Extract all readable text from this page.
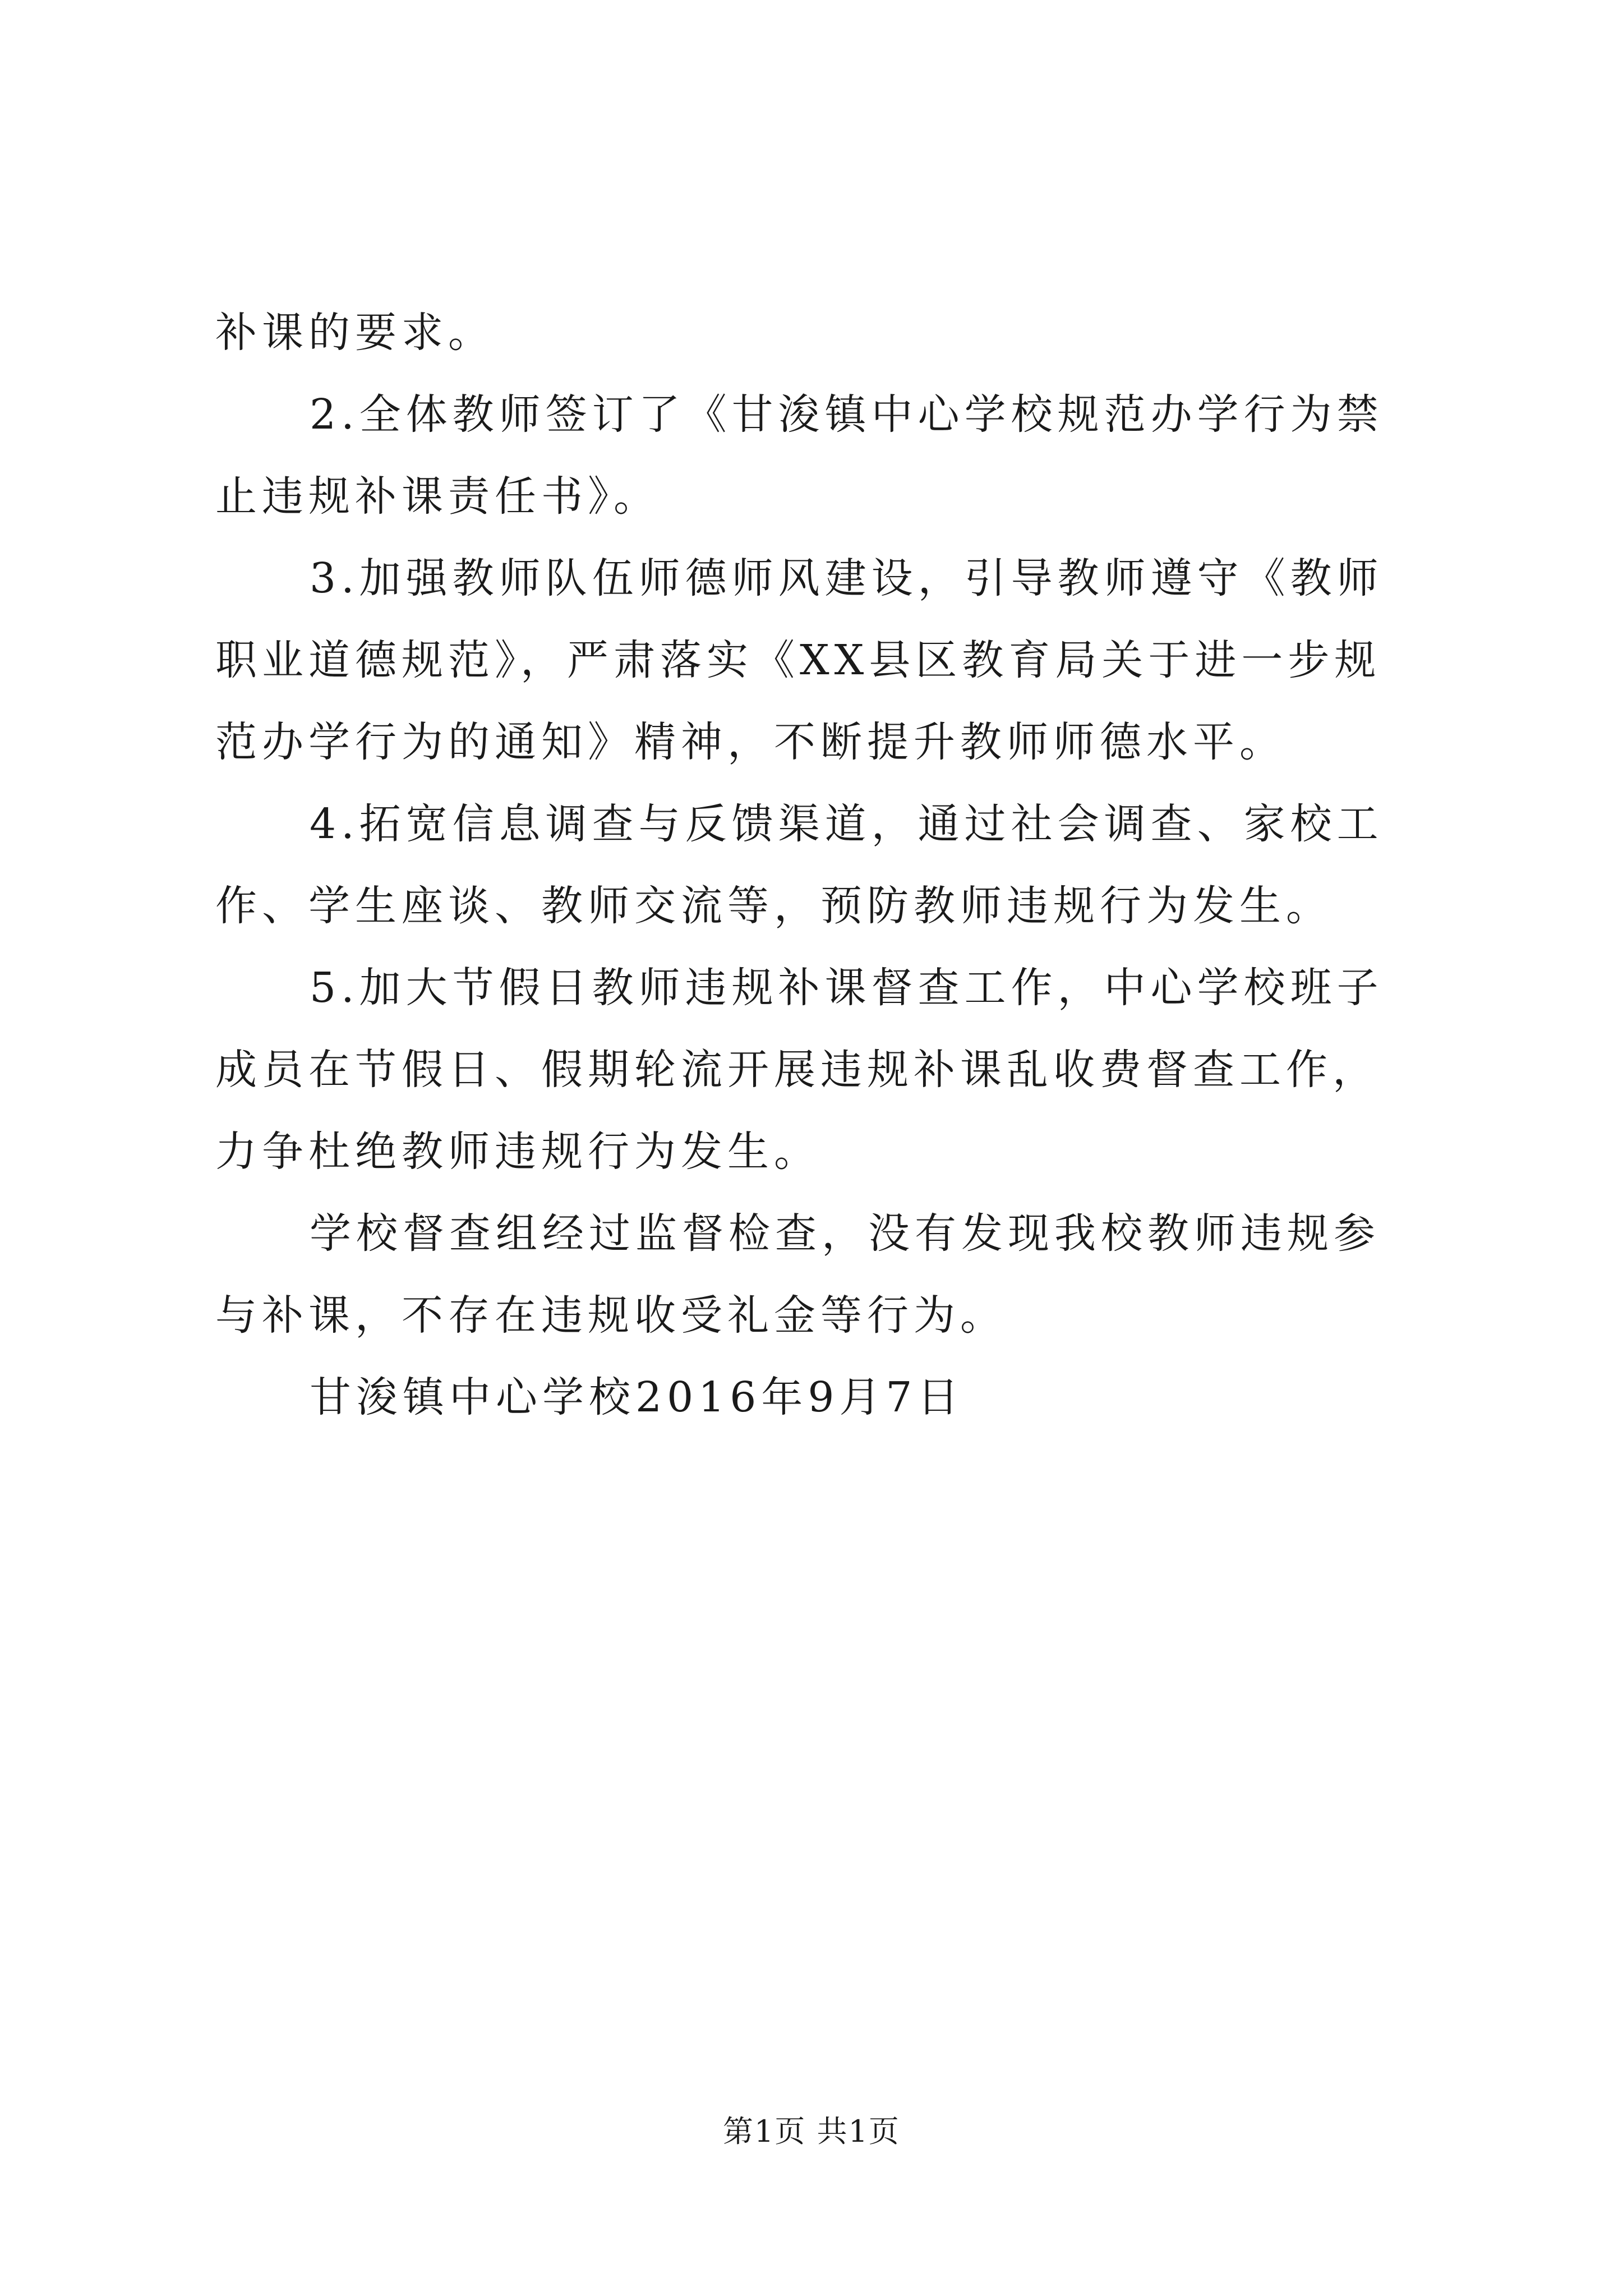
补课的要求。

2.全体教师签订了《甘浚镇中心学校规范办学行为禁止违规补课责任书》。

3.加强教师队伍师德师风建设，引导教师遵守《教师职业道德规范》，严肃落实《XX县区教育局关于进一步规范办学行为的通知》精神，不断提升教师师德水平。

4.拓宽信息调查与反馈渠道，通过社会调查、家校工作、学生座谈、教师交流等，预防教师违规行为发生。

5.加大节假日教师违规补课督查工作，中心学校班子成员在节假日、假期轮流开展违规补课乱收费督查工作，力争杜绝教师违规行为发生。

学校督查组经过监督检查，没有发现我校教师违规参与补课，不存在违规收受礼金等行为。

甘浚镇中心学校2016年9月7日

第1页 共1页
